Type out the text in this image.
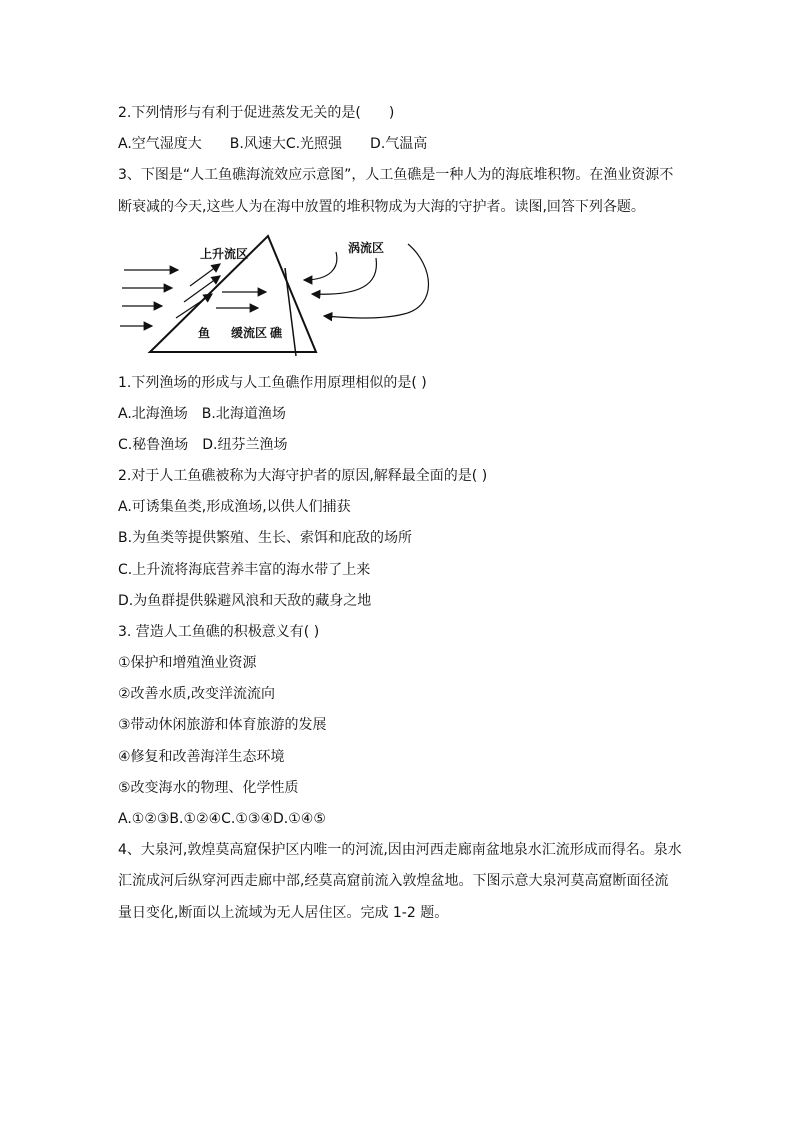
2.下列情形与有利于促进蒸发无关的是(　　)
A.空气湿度大　　B.风速大C.光照强　　D.气温高
3、下图是“人工鱼礁海流效应示意图”，人工鱼礁是一种人为的海底堆积物。在渔业资源不
断衰减的今天,这些人为在海中放置的堆积物成为大海的守护者。读图,回答下列各题。
上升流区	涡流区
鱼 缓流区 礁
1.下列渔场的形成与人工鱼礁作用原理相似的是( )
A.北海渔场　B.北海道渔场
C.秘鲁渔场　D.纽芬兰渔场
2.对于人工鱼礁被称为大海守护者的原因,解释最全面的是( )
A.可诱集鱼类,形成渔场,以供人们捕获
B.为鱼类等提供繁殖、生长、索饵和庇敌的场所
C.上升流将海底营养丰富的海水带了上来
D.为鱼群提供躲避风浪和天敌的藏身之地
3. 营造人工鱼礁的积极意义有( )
①保护和增殖渔业资源
②改善水质,改变洋流流向
③带动休闲旅游和体育旅游的发展
④修复和改善海洋生态环境
⑤改变海水的物理、化学性质
A.①②③B.①②④C.①③④D.①④⑤
4、大泉河,敦煌莫高窟保护区内唯一的河流,因由河西走廊南盆地泉水汇流形成而得名。泉水
汇流成河后纵穿河西走廊中部,经莫高窟前流入敦煌盆地。下图示意大泉河莫高窟断面径流
量日变化,断面以上流域为无人居住区。完成 1-2 题。
